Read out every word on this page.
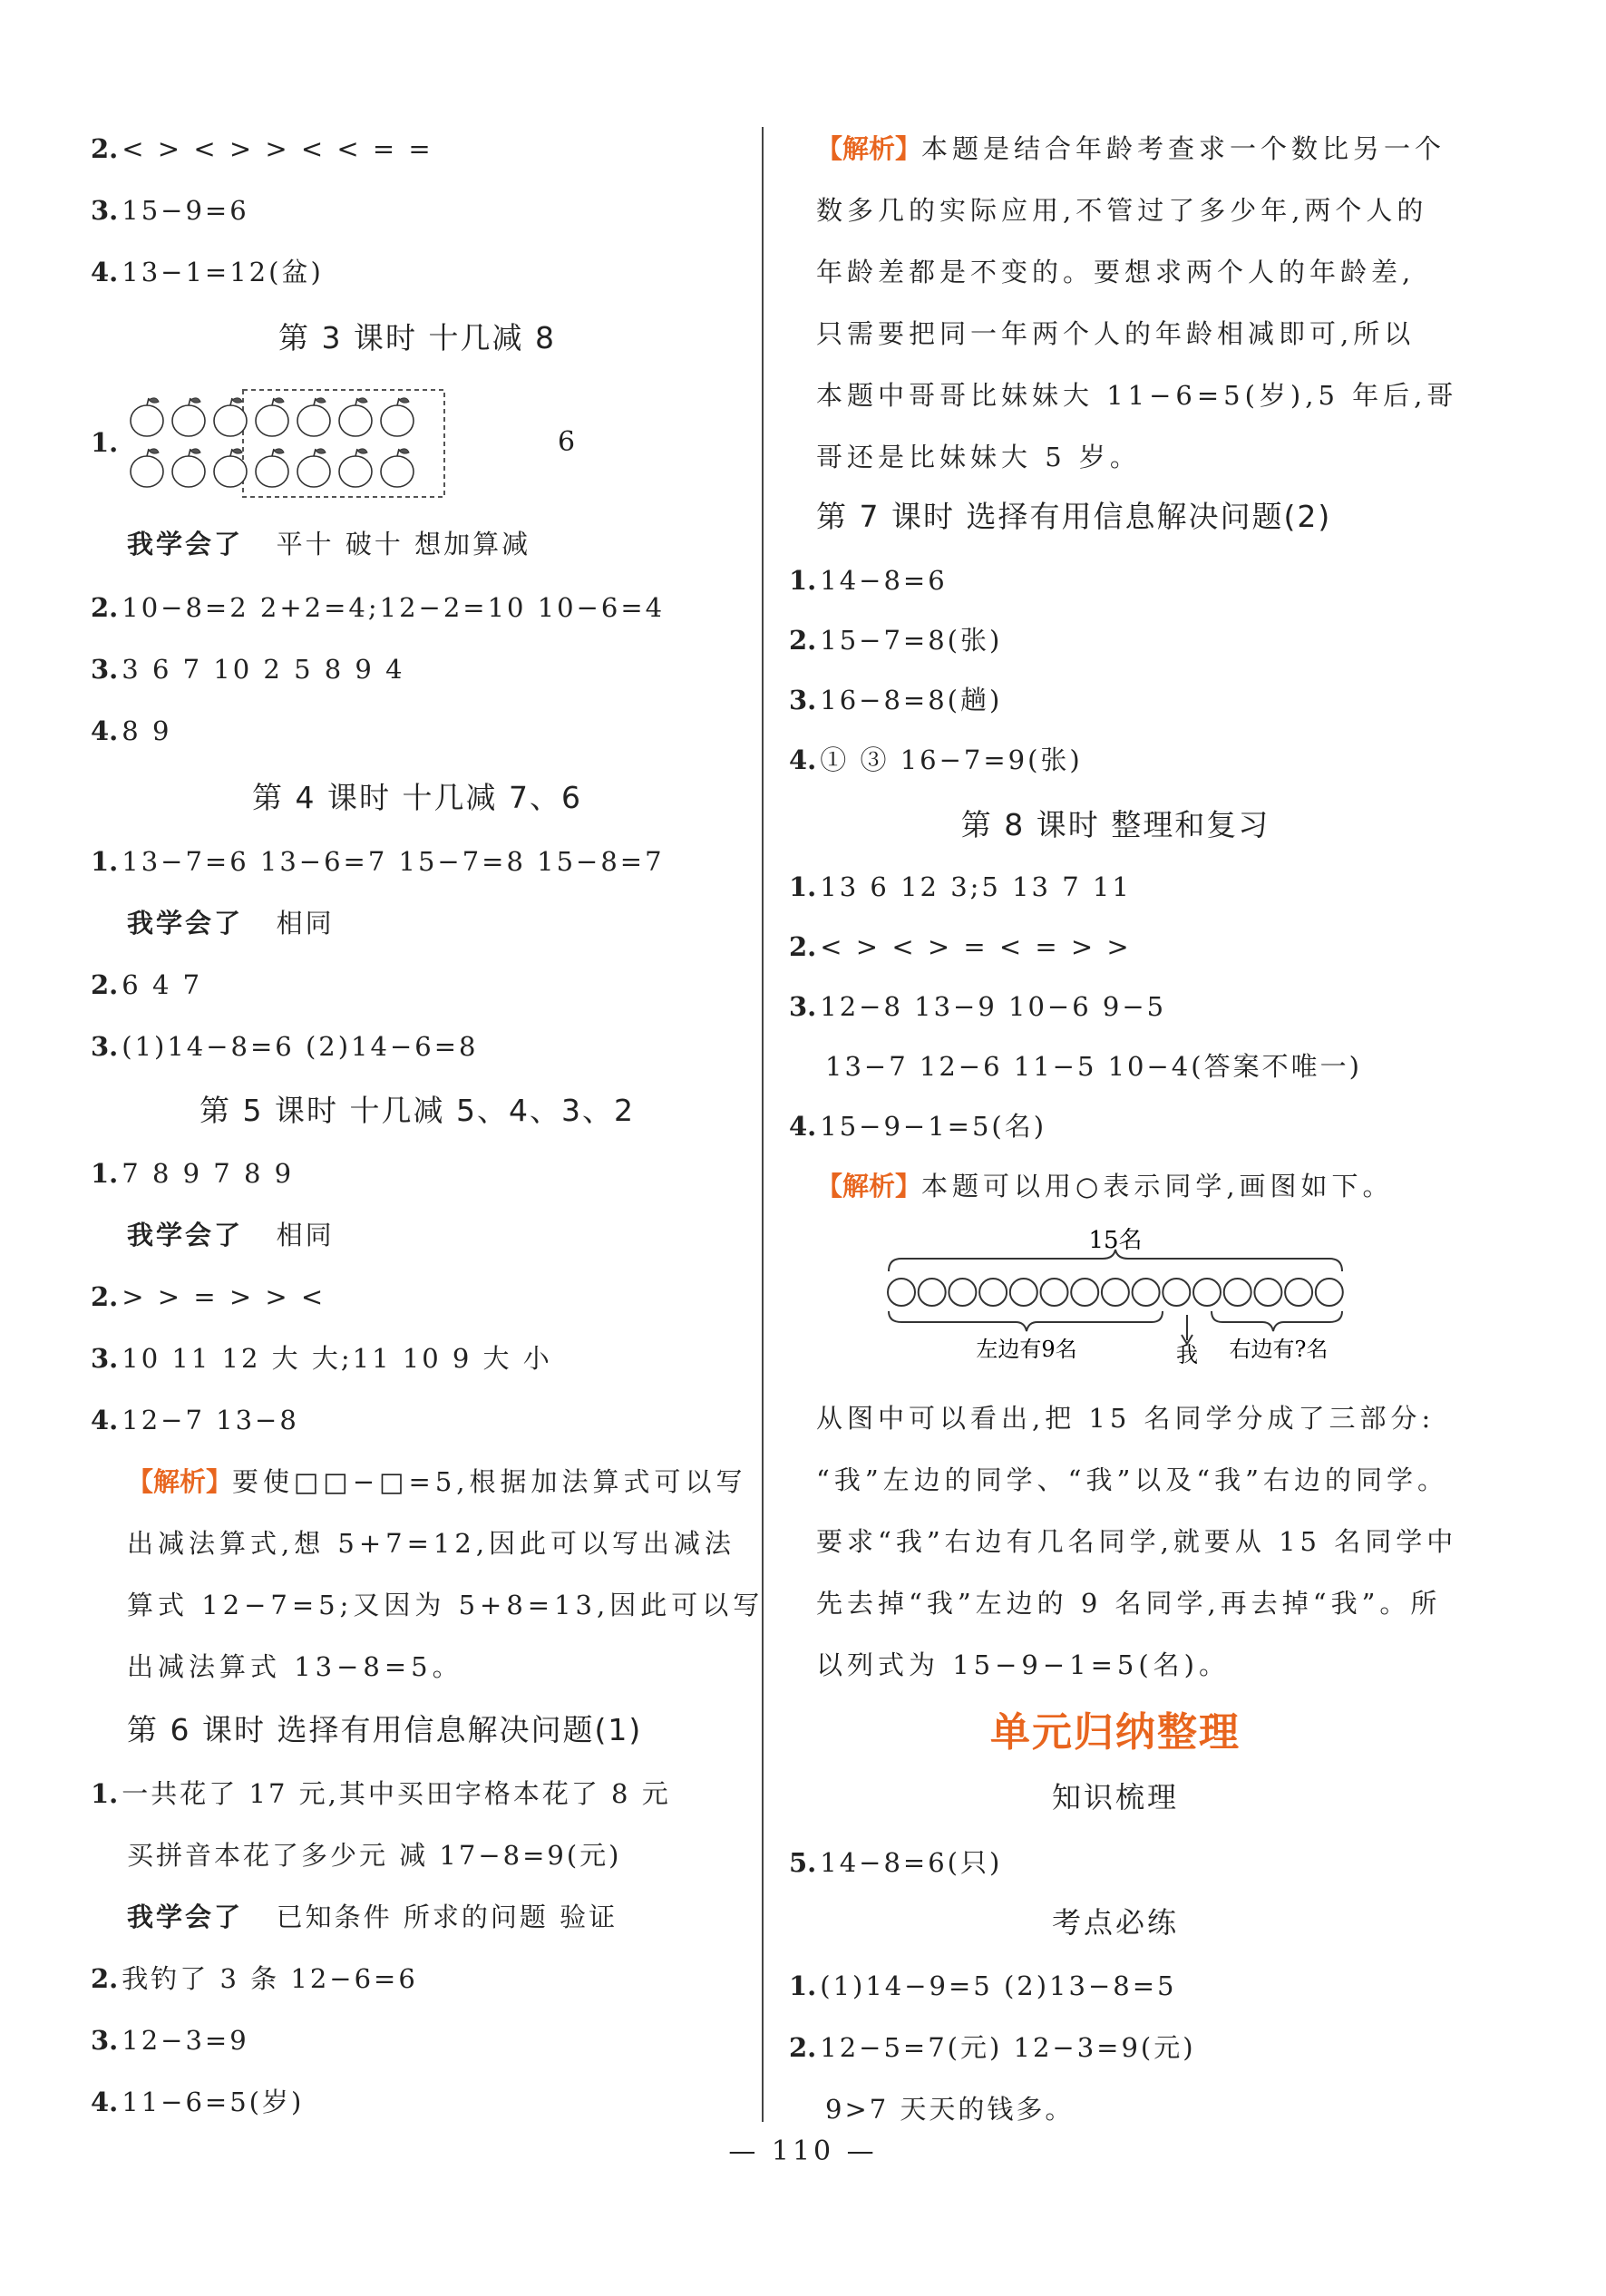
2. < > < > > < < = =
3. 15−9=6
4. 13−1=12(盆)
第 3 课时 十几减 8
1.	6
我学会了 平十 破十 想加算减
2. 10−8=2 2+2=4;12−2=10 10−6=4
3. 3 6 7 10 2 5 8 9 4
4. 8 9
第 4 课时 十几减 7、6
1. 13−7=6 13−6=7 15−7=8 15−8=7
我学会了 相同
2. 6 4 7
3. (1)14−8=6 (2)14−6=8
第 5 课时 十几减 5、4、3、2
1. 7 8 9 7 8 9
我学会了 相同
2. > > = > > <
3. 10 11 12 大 大;11 10 9 大 小
4. 12−7 13−8
【解析】要使□□−□=5,根据加法算式可以写
出减法算式,想 5+7=12,因此可以写出减法
算式 12−7=5;又因为 5+8=13,因此可以写
出减法算式 13−8=5。
第 6 课时 选择有用信息解决问题(1)
1. 一共花了 17 元,其中买田字格本花了 8 元
买拼音本花了多少元 减 17−8=9(元)
我学会了 已知条件 所求的问题 验证
2. 我钓了 3 条 12−6=6
3. 12−3=9
4. 11−6=5(岁)
【解析】本题是结合年龄考查求一个数比另一个
数多几的实际应用,不管过了多少年,两个人的
年龄差都是不变的。要想求两个人的年龄差,
只需要把同一年两个人的年龄相减即可,所以
本题中哥哥比妹妹大 11−6=5(岁),5 年后,哥
哥还是比妹妹大 5 岁。
第 7 课时 选择有用信息解决问题(2)
1. 14−8=6
2. 15−7=8(张)
3. 16−8=8(趟)
4. ① ③ 16−7=9(张)
第 8 课时 整理和复习
1. 13 6 12 3;5 13 7 11
2. < > < > = < = > >
3. 12−8 13−9 10−6 9−5
13−7 12−6 11−5 10−4(答案不唯一)
4. 15−9−1=5(名)
【解析】本题可以用○表示同学,画图如下。
15名
左边有9名	我 右边有?名
从图中可以看出,把 15 名同学分成了三部分:
“我”左边的同学、“我”以及“我”右边的同学。
要求“我”右边有几名同学,就要从 15 名同学中
先去掉“我”左边的 9 名同学,再去掉“我”。所
以列式为 15−9−1=5(名)。
单元归纳整理
知识梳理
5. 14−8=6(只)
考点必练
1. (1)14−9=5 (2)13−8=5
2. 12−5=7(元) 12−3=9(元)
9>7 天天的钱多。
— 110 —
